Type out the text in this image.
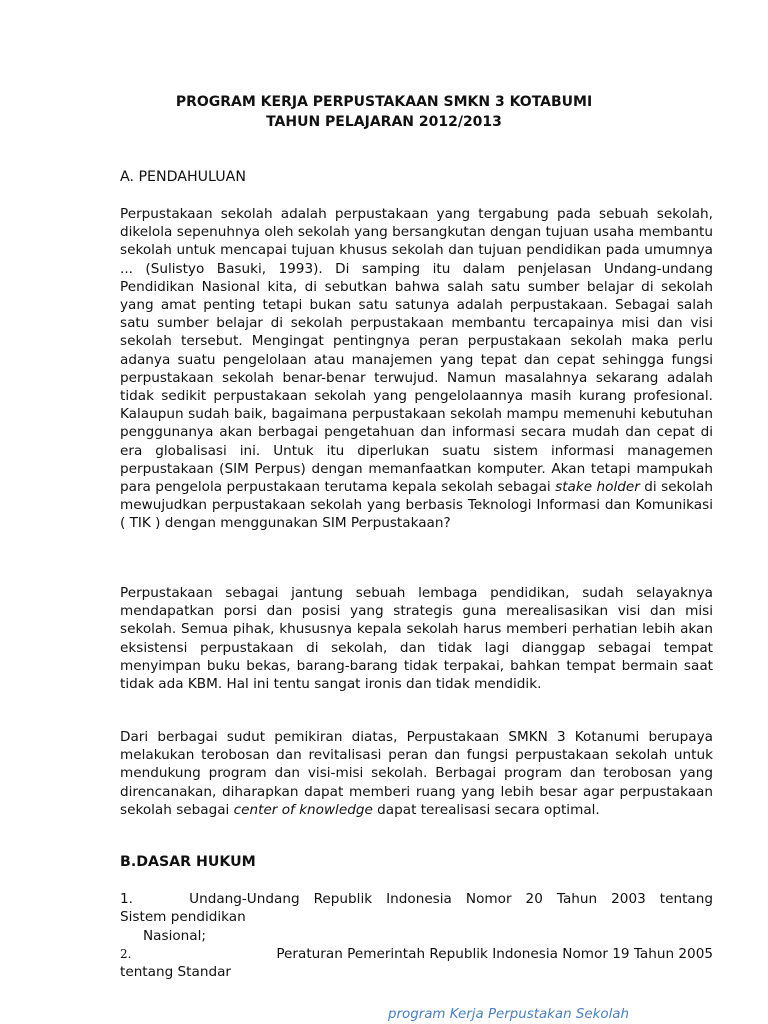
PROGRAM KERJA PERPUSTAKAAN SMKN 3 KOTABUMI
TAHUN PELAJARAN 2012/2013
A. PENDAHULUAN

Perpustakaan sekolah adalah perpustakaan yang tergabung pada sebuah sekolah, dikelola sepenuhnya oleh sekolah yang bersangkutan dengan tujuan usaha membantu sekolah untuk mencapai tujuan khusus sekolah dan tujuan pendidikan pada umumnya ... (Sulistyo Basuki, 1993). Di samping itu dalam penjelasan Undang-undang Pendidikan Nasional kita, di sebutkan bahwa salah satu sumber belajar di sekolah yang amat penting tetapi bukan satu satunya adalah perpustakaan. Sebagai salah satu sumber belajar di sekolah perpustakaan membantu tercapainya misi dan visi sekolah tersebut. Mengingat pentingnya peran perpustakaan sekolah maka perlu adanya suatu pengelolaan atau manajemen yang tepat dan cepat sehingga fungsi perpustakaan sekolah benar-benar terwujud. Namun masalahnya sekarang adalah tidak sedikit perpustakaan sekolah yang pengelolaannya masih kurang profesional. Kalaupun sudah baik, bagaimana perpustakaan sekolah mampu memenuhi kebutuhan penggunanya akan berbagai pengetahuan dan informasi secara mudah dan cepat di era globalisasi ini. Untuk itu diperlukan suatu sistem informasi managemen perpustakaan (SIM Perpus) dengan memanfaatkan komputer. Akan tetapi mampukah para pengelola perpustakaan terutama kepala sekolah sebagai stake holder di sekolah mewujudkan perpustakaan sekolah yang berbasis Teknologi Informasi dan Komunikasi ( TIK ) dengan menggunakan SIM Perpustakaan?

Perpustakaan sebagai jantung sebuah lembaga pendidikan, sudah selayaknya mendapatkan porsi dan posisi yang strategis guna merealisasikan visi dan misi sekolah. Semua pihak, khususnya kepala sekolah harus memberi perhatian lebih akan eksistensi perpustakaan di sekolah, dan tidak lagi dianggap sebagai tempat menyimpan buku bekas, barang-barang tidak terpakai, bahkan tempat bermain saat tidak ada KBM. Hal ini tentu sangat ironis dan tidak mendidik.

Dari berbagai sudut pemikiran diatas, Perpustakaan SMKN 3 Kotanumi berupaya melakukan terobosan dan revitalisasi peran dan fungsi perpustakaan sekolah untuk mendukung program dan visi-misi sekolah. Berbagai program dan terobosan yang direncanakan, diharapkan dapat memberi ruang yang lebih besar agar perpustakaan sekolah sebagai center of knowledge dapat terealisasi secara optimal.

B.DASAR HUKUM
1.	Undang-Undang Republik Indonesia Nomor 20 Tahun 2003 tentang
Sistem pendidikan
Nasional;
2.	Peraturan Pemerintah Republik Indonesia Nomor 19 Tahun 2005
tentang Standar
program Kerja Perpustakan Sekolah
